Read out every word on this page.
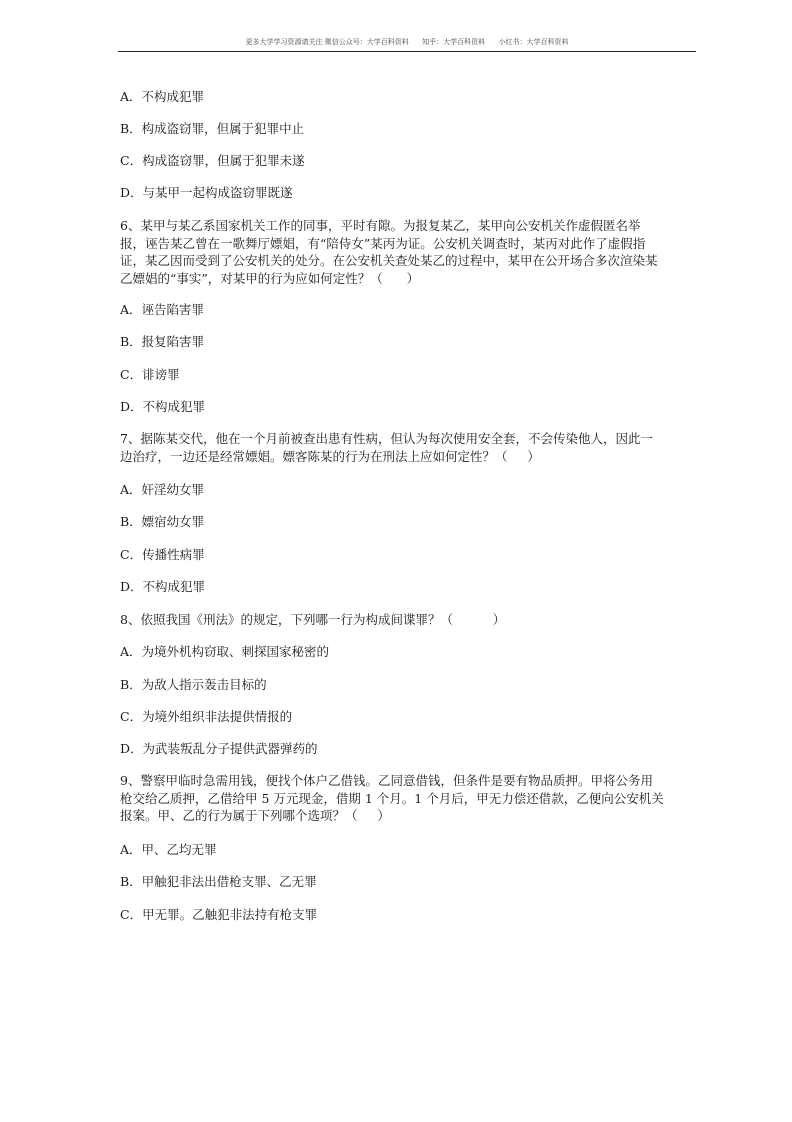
更多大学学习资源请关注 微信公众号：大学百科资料      知乎：大学百科资料      小红书：大学百科资料
A．不构成犯罪
B．构成盗窃罪，但属于犯罪中止
C．构成盗窃罪，但属于犯罪未遂
D．与某甲一起构成盗窃罪既遂
6、某甲与某乙系国家机关工作的同事，平时有隙。为报复某乙，某甲向公安机关作虚假匿名举
报，诬告某乙曾在一歌舞厅嫖娼，有“陪侍女”某丙为证。公安机关调查时，某丙对此作了虚假指
证，某乙因而受到了公安机关的处分。在公安机关查处某乙的过程中，某甲在公开场合多次渲染某
乙嫖娼的“事实”，对某甲的行为应如何定性？（      ）
A．诬告陷害罪
B．报复陷害罪
C．诽谤罪
D．不构成犯罪
7、据陈某交代，他在一个月前被查出患有性病，但认为每次使用安全套，不会传染他人，因此一
边治疗，一边还是经常嫖娼。嫖客陈某的行为在刑法上应如何定性？（     ）
A．奸淫幼女罪
B．嫖宿幼女罪
C．传播性病罪
D．不构成犯罪
8、依照我国《刑法》的规定，下列哪一行为构成间谍罪？（          ）
A．为境外机构窃取、刺探国家秘密的
B．为敌人指示轰击目标的
C．为境外组织非法提供情报的
D．为武装叛乱分子提供武器弹药的
9、警察甲临时急需用钱，便找个体户乙借钱。乙同意借钱，但条件是要有物品质押。甲将公务用
枪交给乙质押，乙借给甲 5 万元现金，借期 1 个月。1 个月后，甲无力偿还借款，乙便向公安机关
报案。甲、乙的行为属于下列哪个选项？（     ）
A．甲、乙均无罪
B．甲触犯非法出借枪支罪、乙无罪
C．甲无罪。乙触犯非法持有枪支罪
